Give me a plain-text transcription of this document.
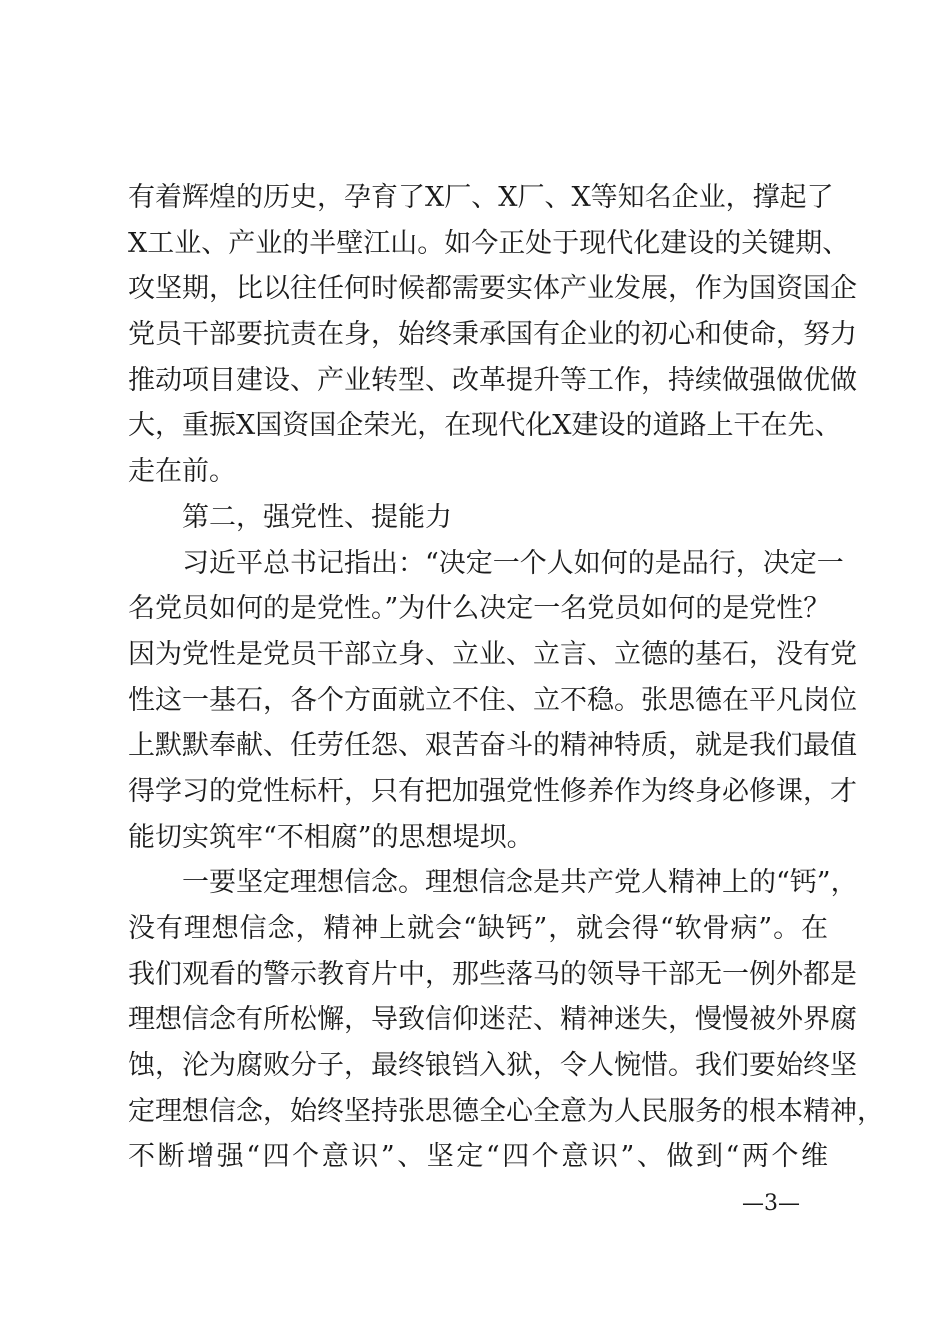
有着辉煌的历史，孕育了X厂、X厂、X等知名企业，撑起了
X工业、产业的半壁江山。如今正处于现代化建设的关键期、
攻坚期，比以往任何时候都需要实体产业发展，作为国资国企
党员干部要抗责在身，始终秉承国有企业的初心和使命，努力
推动项目建设、产业转型、改革提升等工作，持续做强做优做
大，重振X国资国企荣光，在现代化X建设的道路上干在先、
走在前。
第二，强党性、提能力
习近平总书记指出：“决定一个人如何的是品行，决定一
名党员如何的是党性。”为什么决定一名党员如何的是党性？
因为党性是党员干部立身、立业、立言、立德的基石，没有党
性这一基石，各个方面就立不住、立不稳。张思德在平凡岗位
上默默奉献、任劳任怨、艰苦奋斗的精神特质，就是我们最值
得学习的党性标杆，只有把加强党性修养作为终身必修课，才
能切实筑牢“不相腐”的思想堤坝。
一要坚定理想信念。理想信念是共产党人精神上的“钙”，
没有理想信念，精神上就会“缺钙”，就会得“软骨病”。在
我们观看的警示教育片中，那些落马的领导干部无一例外都是
理想信念有所松懈，导致信仰迷茫、精神迷失，慢慢被外界腐
蚀，沦为腐败分子，最终锒铛入狱，令人惋惜。我们要始终坚
定理想信念，始终坚持张思德全心全意为人民服务的根本精神，
不断增强“四个意识”、坚定“四个意识”、做到“两个维
—3—
